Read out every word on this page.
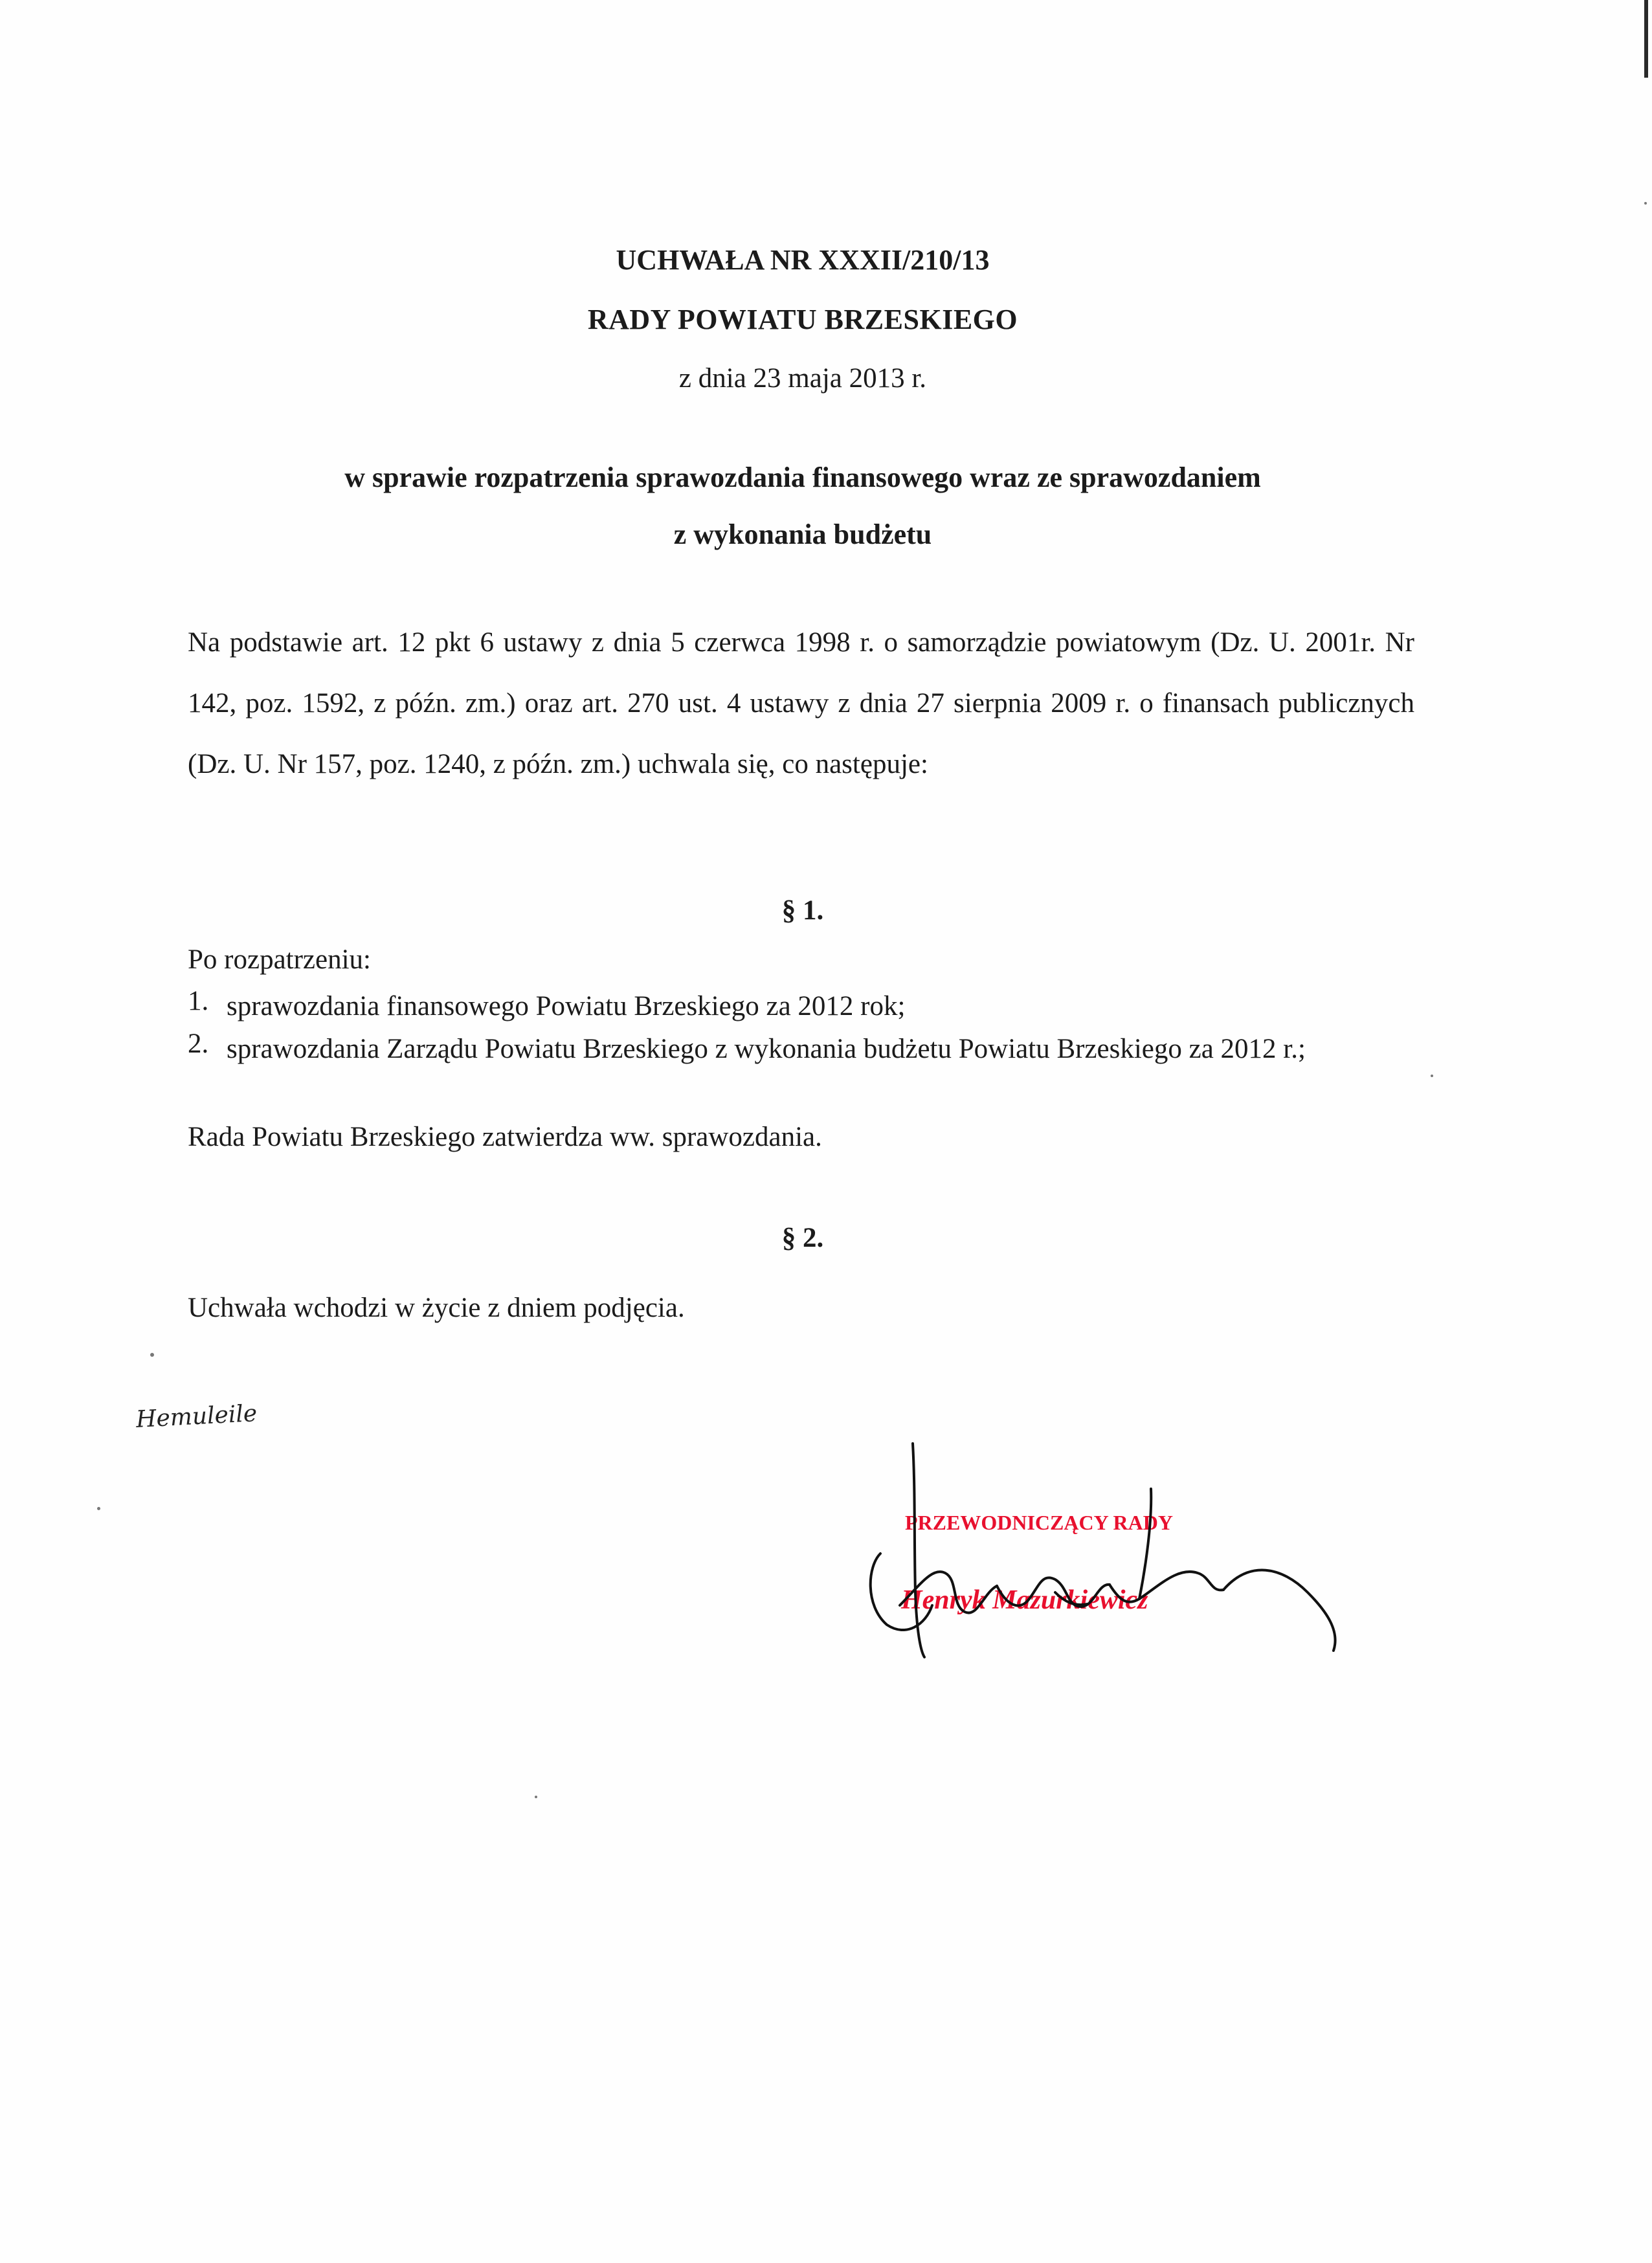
UCHWAŁA NR XXXII/210/13

RADY POWIATU BRZESKIEGO

z dnia 23 maja 2013 r.

w sprawie rozpatrzenia sprawozdania finansowego wraz ze sprawozdaniem

z wykonania budżetu

Na podstawie art. 12 pkt 6 ustawy z dnia 5 czerwca 1998 r. o samorządzie powiatowym (Dz. U. 2001r. Nr 142, poz. 1592, z późn. zm.) oraz art. 270 ust. 4 ustawy z dnia 27 sierpnia 2009 r. o finansach publicznych (Dz. U. Nr 157, poz. 1240, z późn. zm.) uchwala się, co następuje:

§ 1.

Po rozpatrzeniu:

1. sprawozdania finansowego Powiatu Brzeskiego za 2012 rok;
2. sprawozdania Zarządu Powiatu Brzeskiego z wykonania budżetu Powiatu Brzeskiego za 2012 r.;

Rada Powiatu Brzeskiego zatwierdza ww. sprawozdania.

§ 2.

Uchwała wchodzi w życie z dniem podjęcia.

Hemuleile
PRZEWODNICZĄCY RADY
Henryk Mazurkiewicz
